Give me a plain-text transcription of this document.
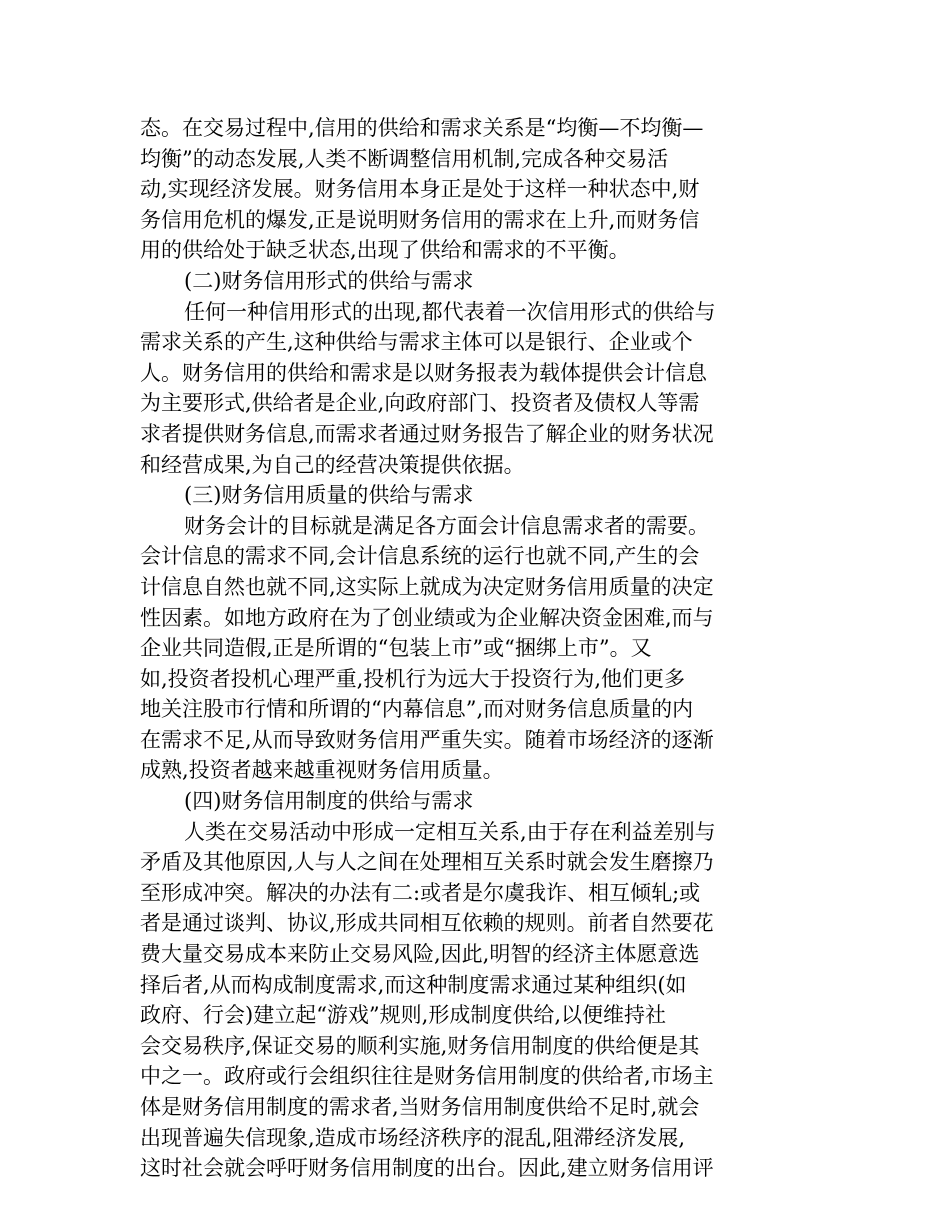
态。在交易过程中,信用的供给和需求关系是“均衡—不均衡—
均衡”的动态发展,人类不断调整信用机制,完成各种交易活
动,实现经济发展。财务信用本身正是处于这样一种状态中,财
务信用危机的爆发,正是说明财务信用的需求在上升,而财务信
用的供给处于缺乏状态,出现了供给和需求的不平衡。
(二)财务信用形式的供给与需求
任何一种信用形式的出现,都代表着一次信用形式的供给与
需求关系的产生,这种供给与需求主体可以是银行、企业或个
人。财务信用的供给和需求是以财务报表为载体提供会计信息
为主要形式,供给者是企业,向政府部门、投资者及债权人等需
求者提供财务信息,而需求者通过财务报告了解企业的财务状况
和经营成果,为自己的经营决策提供依据。
(三)财务信用质量的供给与需求
财务会计的目标就是满足各方面会计信息需求者的需要。
会计信息的需求不同,会计信息系统的运行也就不同,产生的会
计信息自然也就不同,这实际上就成为决定财务信用质量的决定
性因素。如地方政府在为了创业绩或为企业解决资金困难,而与
企业共同造假,正是所谓的“包装上市”或“捆绑上市”。又
如,投资者投机心理严重,投机行为远大于投资行为,他们更多
地关注股市行情和所谓的“内幕信息”,而对财务信息质量的内
在需求不足,从而导致财务信用严重失实。随着市场经济的逐渐
成熟,投资者越来越重视财务信用质量。
(四)财务信用制度的供给与需求
人类在交易活动中形成一定相互关系,由于存在利益差别与
矛盾及其他原因,人与人之间在处理相互关系时就会发生磨擦乃
至形成冲突。解决的办法有二:或者是尔虞我诈、相互倾轧;或
者是通过谈判、协议,形成共同相互依赖的规则。前者自然要花
费大量交易成本来防止交易风险,因此,明智的经济主体愿意选
择后者,从而构成制度需求,而这种制度需求通过某种组织(如
政府、行会)建立起“游戏”规则,形成制度供给,以便维持社
会交易秩序,保证交易的顺利实施,财务信用制度的供给便是其
中之一。政府或行会组织往往是财务信用制度的供给者,市场主
体是财务信用制度的需求者,当财务信用制度供给不足时,就会
出现普遍失信现象,造成市场经济秩序的混乱,阻滞经济发展,
这时社会就会呼吁财务信用制度的出台。因此,建立财务信用评
